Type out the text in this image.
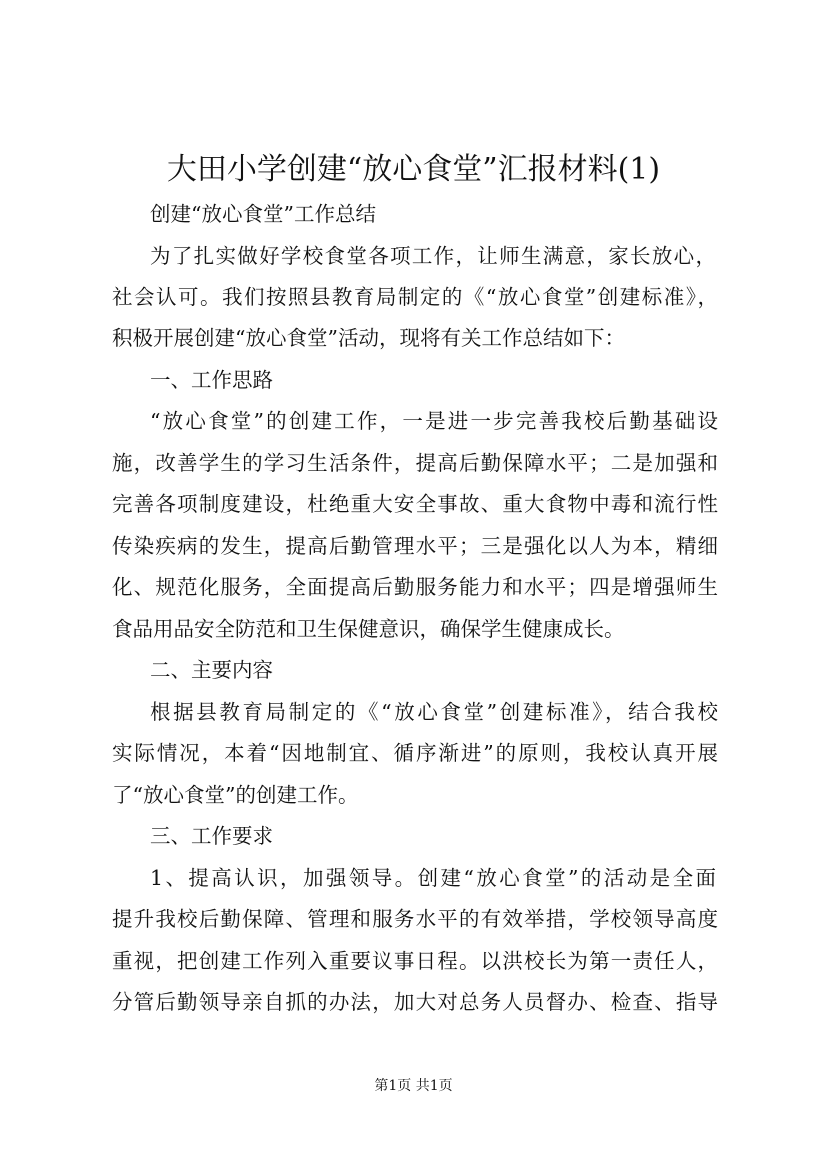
大田小学创建“放心食堂”汇报材料(1)

创建“放心食堂”工作总结

为了扎实做好学校食堂各项工作，让师生满意，家长放心，

社会认可。我们按照县教育局制定的《“放心食堂”创建标准》，

积极开展创建“放心食堂”活动，现将有关工作总结如下：

一、工作思路

“放心食堂”的创建工作，一是进一步完善我校后勤基础设

施，改善学生的学习生活条件，提高后勤保障水平；二是加强和

完善各项制度建设，杜绝重大安全事故、重大食物中毒和流行性

传染疾病的发生，提高后勤管理水平；三是强化以人为本，精细

化、规范化服务，全面提高后勤服务能力和水平；四是增强师生

食品用品安全防范和卫生保健意识，确保学生健康成长。

二、主要内容

根据县教育局制定的《“放心食堂”创建标准》，结合我校

实际情况，本着“因地制宜、循序渐进”的原则，我校认真开展

了“放心食堂”的创建工作。

三、工作要求

1、提高认识，加强领导。创建“放心食堂”的活动是全面

提升我校后勤保障、管理和服务水平的有效举措，学校领导高度

重视，把创建工作列入重要议事日程。以洪校长为第一责任人，

分管后勤领导亲自抓的办法，加大对总务人员督办、检查、指导

第1页 共1页
